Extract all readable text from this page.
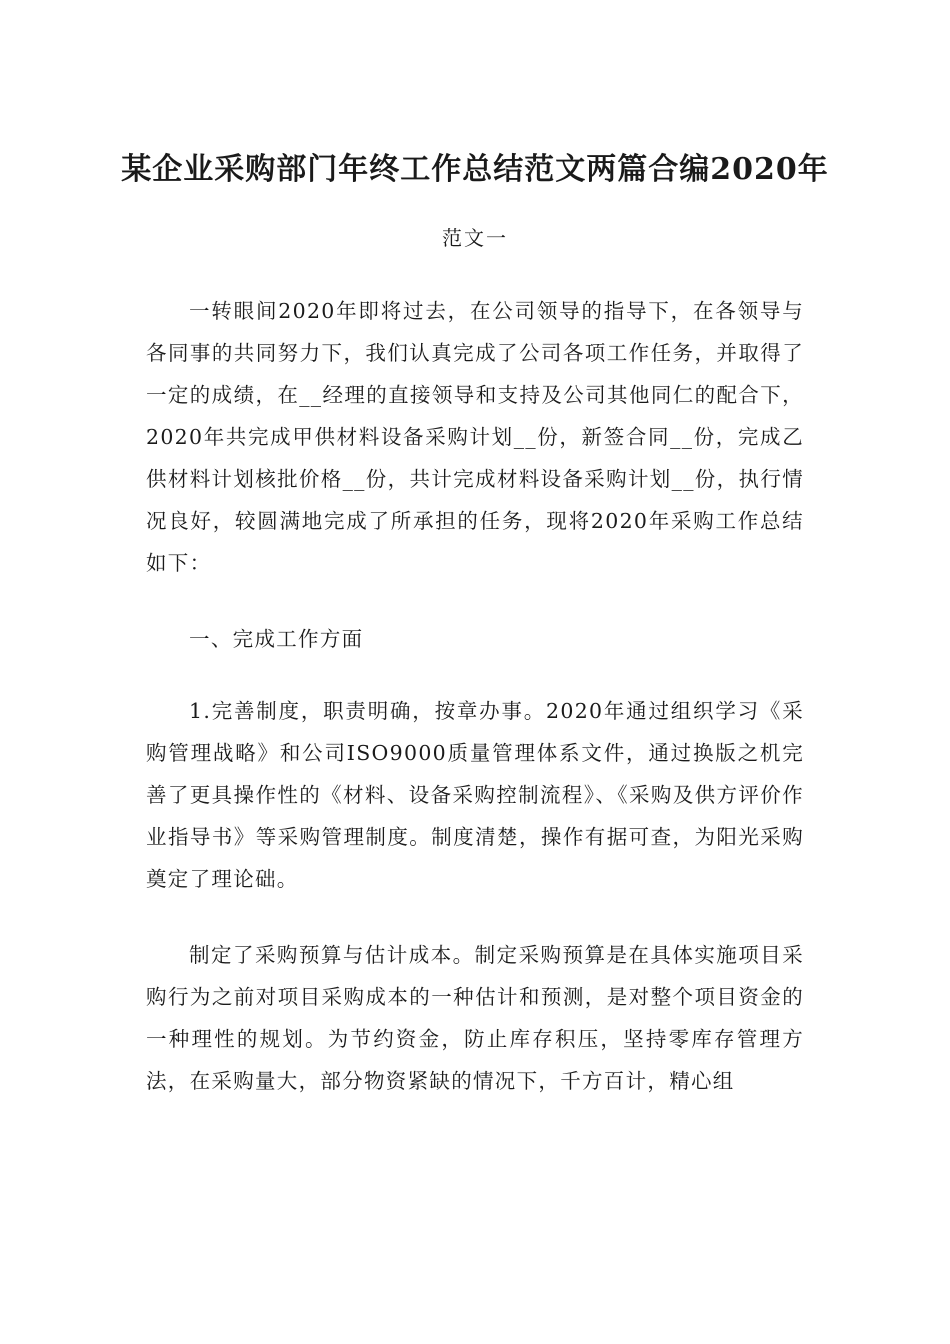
某企业采购部门年终工作总结范文两篇合编2020年

范文一

一转眼间2020年即将过去，在公司领导的指导下，在各领导与各同事的共同努力下，我们认真完成了公司各项工作任务，并取得了一定的成绩，在__经理的直接领导和支持及公司其他同仁的配合下，2020年共完成甲供材料设备采购计划__份，新签合同__份，完成乙供材料计划核批价格__份，共计完成材料设备采购计划__份，执行情况良好，较圆满地完成了所承担的任务，现将2020年采购工作总结如下：

一、完成工作方面

1.完善制度，职责明确，按章办事。2020年通过组织学习《采购管理战略》和公司ISO9000质量管理体系文件，通过换版之机完善了更具操作性的《材料、设备采购控制流程》、《采购及供方评价作业指导书》等采购管理制度。制度清楚，操作有据可查，为阳光采购奠定了理论础。

制定了采购预算与估计成本。制定采购预算是在具体实施项目采购行为之前对项目采购成本的一种估计和预测，是对整个项目资金的一种理性的规划。为节约资金，防止库存积压，坚持零库存管理方法，在采购量大，部分物资紧缺的情况下，千方百计，精心组
